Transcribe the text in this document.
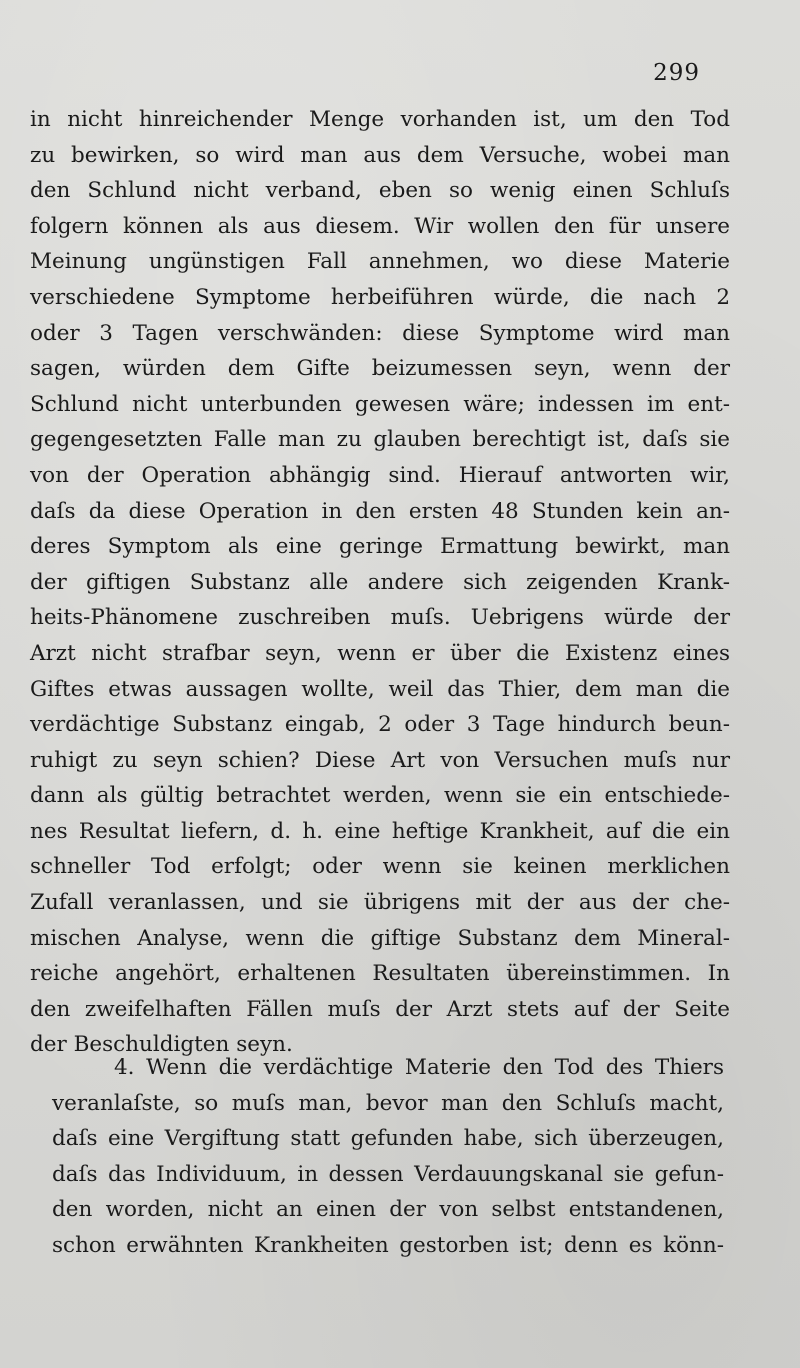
299
in nicht hinreichender Menge vorhanden ist, um den Tod
zu bewirken, so wird man aus dem Versuche, wobei man
den Schlund nicht verband, eben so wenig einen Schluſs
folgern können als aus diesem. Wir wollen den für unsere
Meinung ungünstigen Fall annehmen, wo diese Materie
verschiedene Symptome herbeiführen würde, die nach 2
oder 3 Tagen verschwänden: diese Symptome wird man
sagen, würden dem Gifte beizumessen seyn, wenn der
Schlund nicht unterbunden gewesen wäre; indessen im ent-
gegengesetzten Falle man zu glauben berechtigt ist, daſs sie
von der Operation abhängig sind. Hierauf antworten wir,
daſs da diese Operation in den ersten 48 Stunden kein an-
deres Symptom als eine geringe Ermattung bewirkt, man
der giftigen Substanz alle andere sich zeigenden Krank-
heits-Phänomene zuschreiben muſs. Uebrigens würde der
Arzt nicht strafbar seyn, wenn er über die Existenz eines
Giftes etwas aussagen wollte, weil das Thier, dem man die
verdächtige Substanz eingab, 2 oder 3 Tage hindurch beun-
ruhigt zu seyn schien? Diese Art von Versuchen muſs nur
dann als gültig betrachtet werden, wenn sie ein entschiede-
nes Resultat liefern, d. h. eine heftige Krankheit, auf die ein
schneller Tod erfolgt; oder wenn sie keinen merklichen
Zufall veranlassen, und sie übrigens mit der aus der che-
mischen Analyse, wenn die giftige Substanz dem Mineral-
reiche angehört, erhaltenen Resultaten übereinstimmen. In
den zweifelhaften Fällen muſs der Arzt stets auf der Seite
der Beschuldigten seyn.
4. Wenn die verdächtige Materie den Tod des Thiers
veranlaſste, so muſs man, bevor man den Schluſs macht,
daſs eine Vergiftung statt gefunden habe, sich überzeugen,
daſs das Individuum, in dessen Verdauungskanal sie gefun-
den worden, nicht an einen der von selbst entstandenen,
schon erwähnten Krankheiten gestorben ist; denn es könn-
